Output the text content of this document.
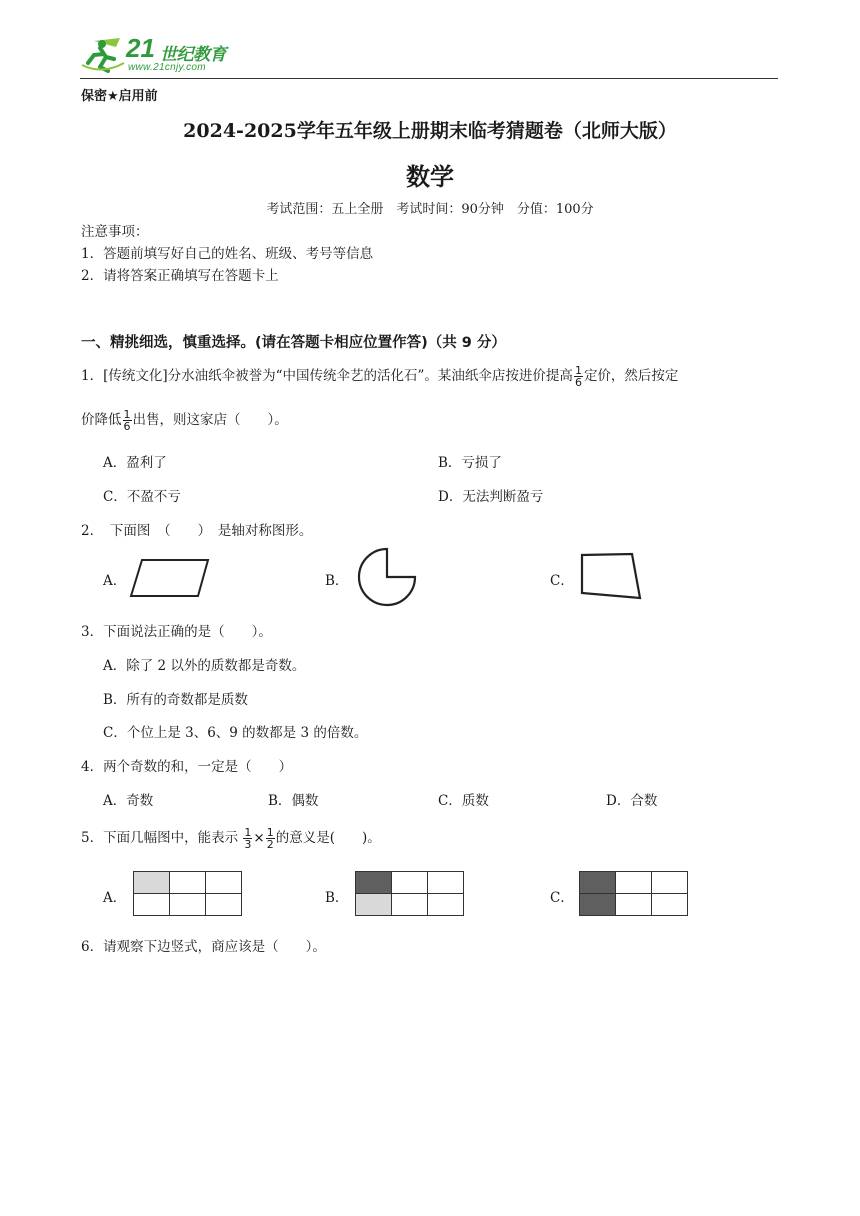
21 世纪教育
www.21cnjy.com
保密★启用前
2024-2025学年五年级上册期末临考猜题卷（北师大版）
数学
考试范围：五上全册　考试时间：90分钟　分值：100分
注意事项：
1．答题前填写好自己的姓名、班级、考号等信息
2．请将答案正确填写在答题卡上
一、精挑细选，慎重选择。(请在答题卡相应位置作答)（共 9 分）
1．[传统文化]分水油纸伞被誉为“中国传统伞艺的活化石”。某油纸伞店按进价提高 $\frac{1}{6}$ 定价，然后按定
价降低 $\frac{1}{6}$ 出售，则这家店（　　）。
A．盈利了	B．亏损了
C．不盈不亏	D．无法判断盈亏
2．　下面图　（　　）　是轴对称图形。
A．	B．	C．
3．下面说法正确的是（　　）。
A．除了 2 以外的质数都是奇数。
B．所有的奇数都是质数
C．个位上是 3、6、9 的数都是 3 的倍数。
4．两个奇数的和，一定是（　　）
A．奇数	B．偶数	C．质数	D．合数
5．下面几幅图中，能表示 $\frac{1}{3} \times \frac{1}{2}$ 的意义是(　　)。
A．

			B．

			C．

6．请观察下边竖式，商应该是（　　）。
